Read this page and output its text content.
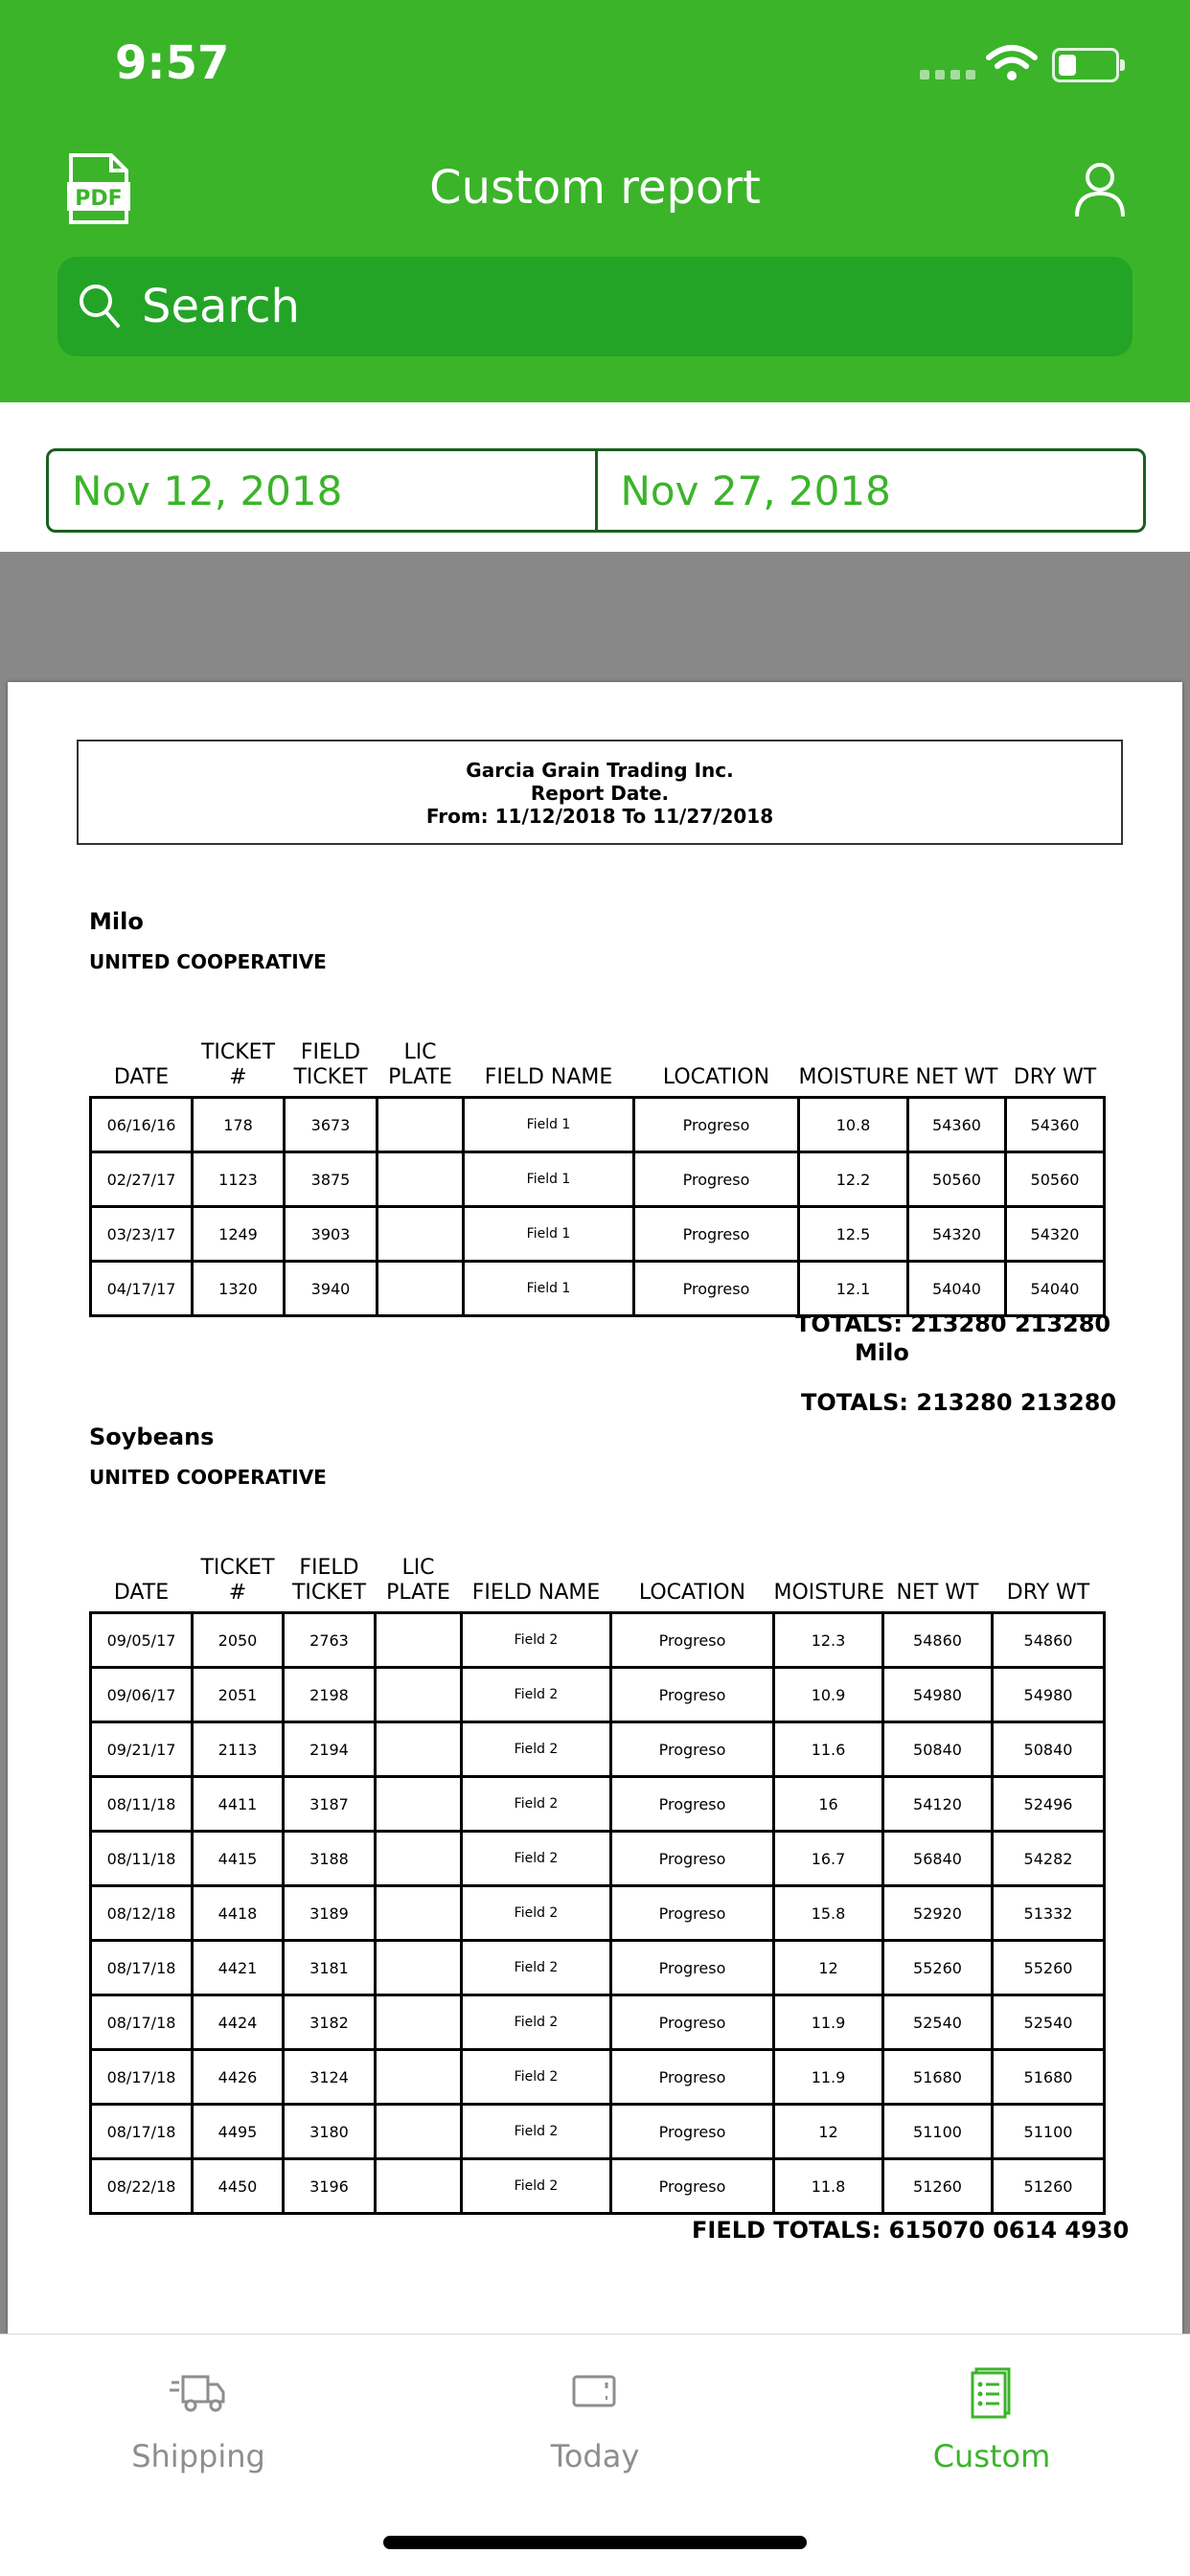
9:57
PDF	Custom report
Search
Nov 12, 2018	Nov 27, 2018
Garcia Grain Trading Inc.
Report Date.
From: 11/12/2018 To 11/27/2018
Milo
UNITED COOPERATIVE
DATE	TICKET #	FIELD TICKET	LIC PLATE	FIELD NAME	LOCATION	MOISTURE	NET WT	DRY WT
06/16/16	178	3673		Field 1	Progreso	10.8	54360	54360
02/27/17	1123	3875		Field 1	Progreso	12.2	50560	50560
03/23/17	1249	3903		Field 1	Progreso	12.5	54320	54320
04/17/17	1320	3940		Field 1	Progreso	12.1	54040	54040
TOTALS: 213280 213280
Milo
TOTALS: 213280 213280
Soybeans
UNITED COOPERATIVE
DATE	TICKET #	FIELD TICKET	LIC PLATE	FIELD NAME	LOCATION	MOISTURE	NET WT	DRY WT
09/05/17	2050	2763		Field 2	Progreso	12.3	54860	54860
09/06/17	2051	2198		Field 2	Progreso	10.9	54980	54980
09/21/17	2113	2194		Field 2	Progreso	11.6	50840	50840
08/11/18	4411	3187		Field 2	Progreso	16	54120	52496
08/11/18	4415	3188		Field 2	Progreso	16.7	56840	54282
08/12/18	4418	3189		Field 2	Progreso	15.8	52920	51332
08/17/18	4421	3181		Field 2	Progreso	12	55260	55260
08/17/18	4424	3182		Field 2	Progreso	11.9	52540	52540
08/17/18	4426	3124		Field 2	Progreso	11.9	51680	51680
08/17/18	4495	3180		Field 2	Progreso	12	51100	51100
08/22/18	4450	3196		Field 2	Progreso	11.8	51260	51260
FIELD TOTALS: 615070 0614 4930
Shipping	Today	Custom
